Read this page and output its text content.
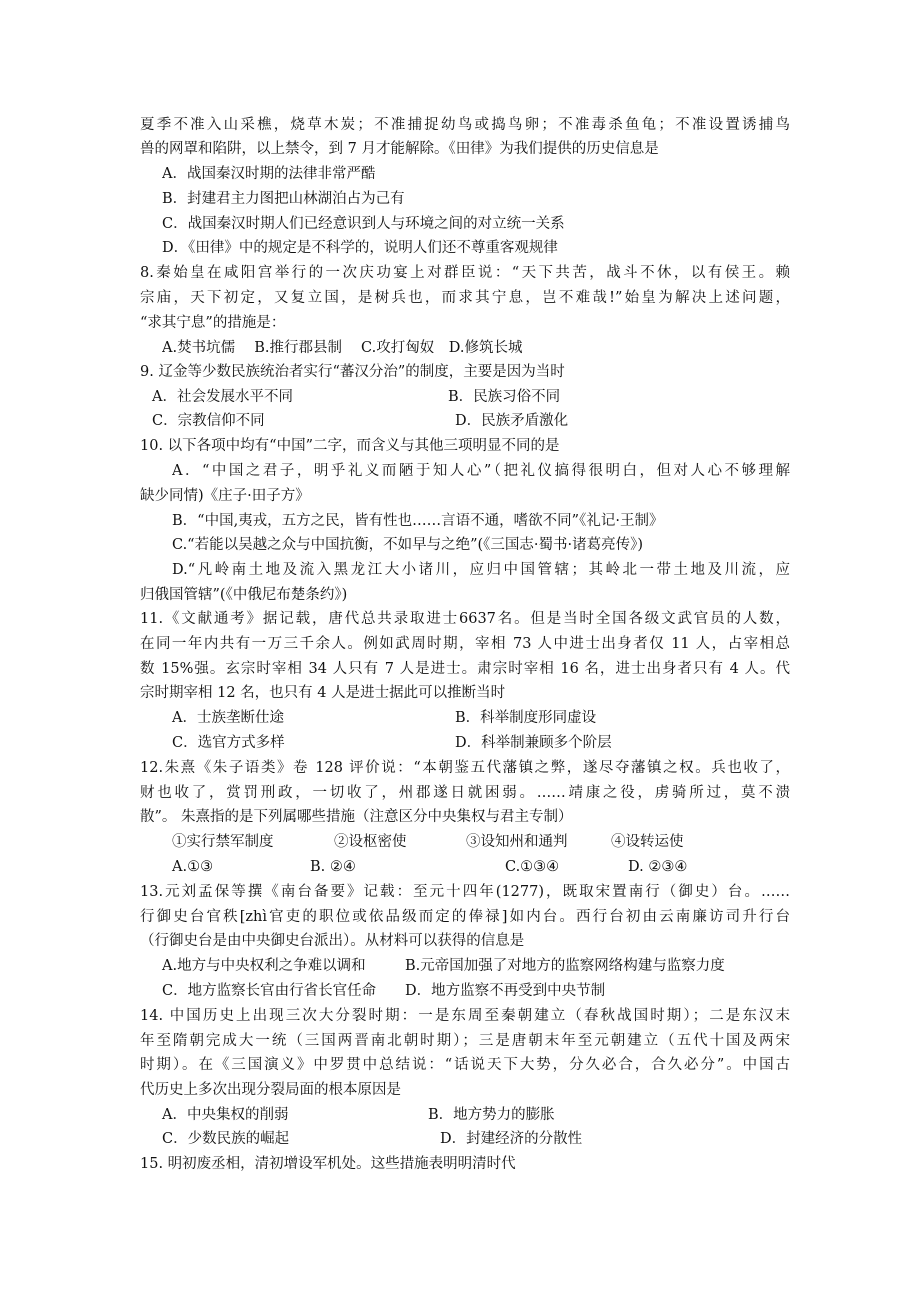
夏季不准入山采樵，烧草木炭；不准捕捉幼鸟或捣鸟卵；不准毒杀鱼龟；不准设置诱捕鸟
兽的网罩和陷阱，以上禁令，到 7 月才能解除。《田律》为我们提供的历史信息是
A．战国秦汉时期的法律非常严酷
B．封建君主力图把山林湖泊占为己有
C．战国秦汉时期人们已经意识到人与环境之间的对立统一关系
D．《田律》中的规定是不科学的，说明人们还不尊重客观规律
8.秦始皇在咸阳宫举行的一次庆功宴上对群臣说：“天下共苦，战斗不休，以有侯王。赖
宗庙，天下初定，又复立国，是树兵也，而求其宁息，岂不难哉!”始皇为解决上述问题，
“求其宁息”的措施是：
A.焚书坑儒　 B.推行郡县制　 C.攻打匈奴　D.修筑长城
9. 辽金等少数民族统治者实行“蕃汉分治”的制度，主要是因为当时
A．社会发展水平不同	B．民族习俗不同
C．宗教信仰不同	D．民族矛盾激化
10. 以下各项中均有“中国”二字，而含义与其他三项明显不同的是
A．“中国之君子，明乎礼义而陋于知人心”（把礼仪搞得很明白，但对人心不够理解
缺少同情)《庄子·田子方》
B．“中国,夷戎，五方之民，皆有性也……言语不通，嗜欲不同”《礼记·王制》
C.“若能以吴越之众与中国抗衡，不如早与之绝”(《三国志·蜀书·诸葛亮传》)
D.“凡岭南土地及流入黑龙江大小诸川，应归中国管辖；其岭北一带土地及川流，应
归俄国管辖”(《中俄尼布楚条约》)
11.《文献通考》据记载，唐代总共录取进士6637名。但是当时全国各级文武官员的人数，
在同一年内共有一万三千余人。例如武周时期，宰相 73 人中进士出身者仅 11 人，占宰相总
数 15%强。玄宗时宰相 34 人只有 7 人是进士。肃宗时宰相 16 名，进士出身者只有 4 人。代
宗时期宰相 12 名，也只有 4 人是进士据此可以推断当时
A．士族垄断仕途	B．科举制度形同虚设
C．选官方式多样	D．科举制兼顾多个阶层
12.朱熹《朱子语类》卷 128 评价说：“本朝鉴五代藩镇之弊，遂尽夺藩镇之权。兵也收了，
财也收了，赏罚刑政，一切收了，州郡遂日就困弱。……靖康之役，虏骑所过，莫不溃
散”。 朱熹指的是下列属哪些措施（注意区分中央集权与君主专制）
①实行禁军制度	②设枢密使	③设知州和通判	④设转运使
A.①③	B. ②④	C.①③④	D. ②③④
13.元刘孟保等撰《南台备要》记载：至元十四年(1277)，既取宋置南行（御史）台。……
行御史台官秩[zhì官吏的职位或依品级而定的俸禄]如内台。西行台初由云南廉访司升行台
（行御史台是由中央御史台派出）。从材料可以获得的信息是
A.地方与中央权利之争难以调和	B.元帝国加强了对地方的监察网络构建与监察力度
C．地方监察长官由行省长官任命 D．地方监察不再受到中央节制
14. 中国历史上出现三次大分裂时期：一是东周至秦朝建立（春秋战国时期）；二是东汉末
年至隋朝完成大一统（三国两晋南北朝时期）；三是唐朝末年至元朝建立（五代十国及两宋
时期）。在《三国演义》中罗贯中总结说：“话说天下大势，分久必合，合久必分”。中国古
代历史上多次出现分裂局面的根本原因是
A．中央集权的削弱	B．地方势力的膨胀
C．少数民族的崛起	D．封建经济的分散性
15. 明初废丞相，清初增设军机处。这些措施表明明清时代
